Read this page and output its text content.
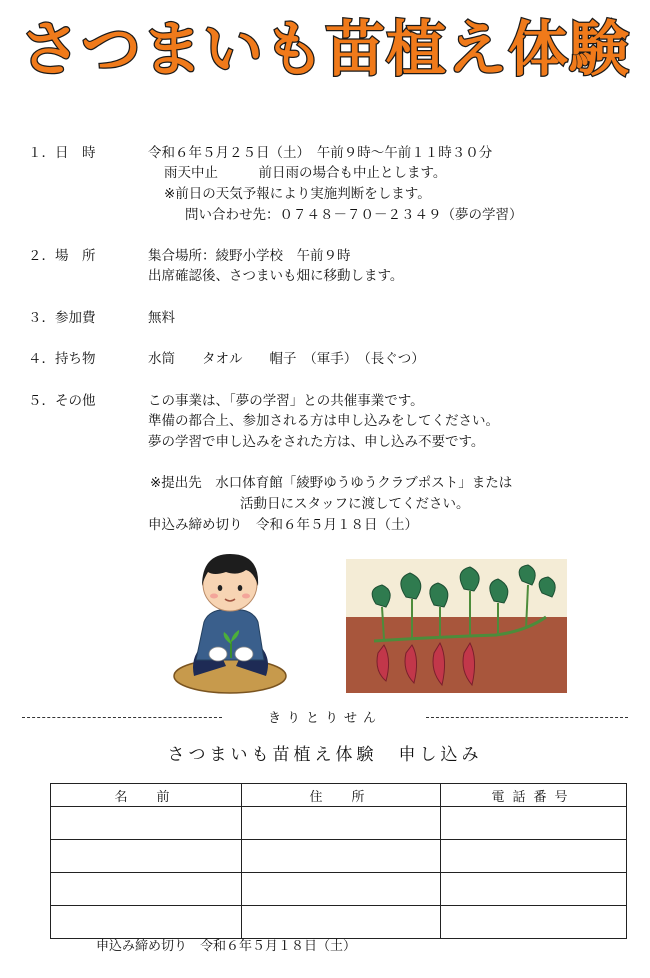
さつまいも苗植え体験
１．日　時	令和６年５月２５日（土）　午前９時～午前１１時３０分
雨天中止　　　前日雨の場合も中止とします。
※前日の天気予報により実施判断をします。
問い合わせ先：０７４８－７０－２３４９（夢の学習）
２．場　所	集合場所：綾野小学校　午前９時
出席確認後、さつまいも畑に移動します。
３．参加費	無料
４．持ち物	水筒　　タオル　　帽子　（軍手）　（長ぐつ）
５．その他	この事業は、「夢の学習」との共催事業です。
準備の都合上、参加される方は申し込みをしてください。
夢の学習で申し込みをされた方は、申し込み不要です。
※提出先　水口体育館「綾野ゆうゆうクラブポスト」または
活動日にスタッフに渡してください。
申込み締め切り　令和６年５月１８日（土）
きりとりせん
さつまいも苗植え体験　申し込み
名　前	住　所	電話番号

申込み締め切り　令和６年５月１８日（土）
